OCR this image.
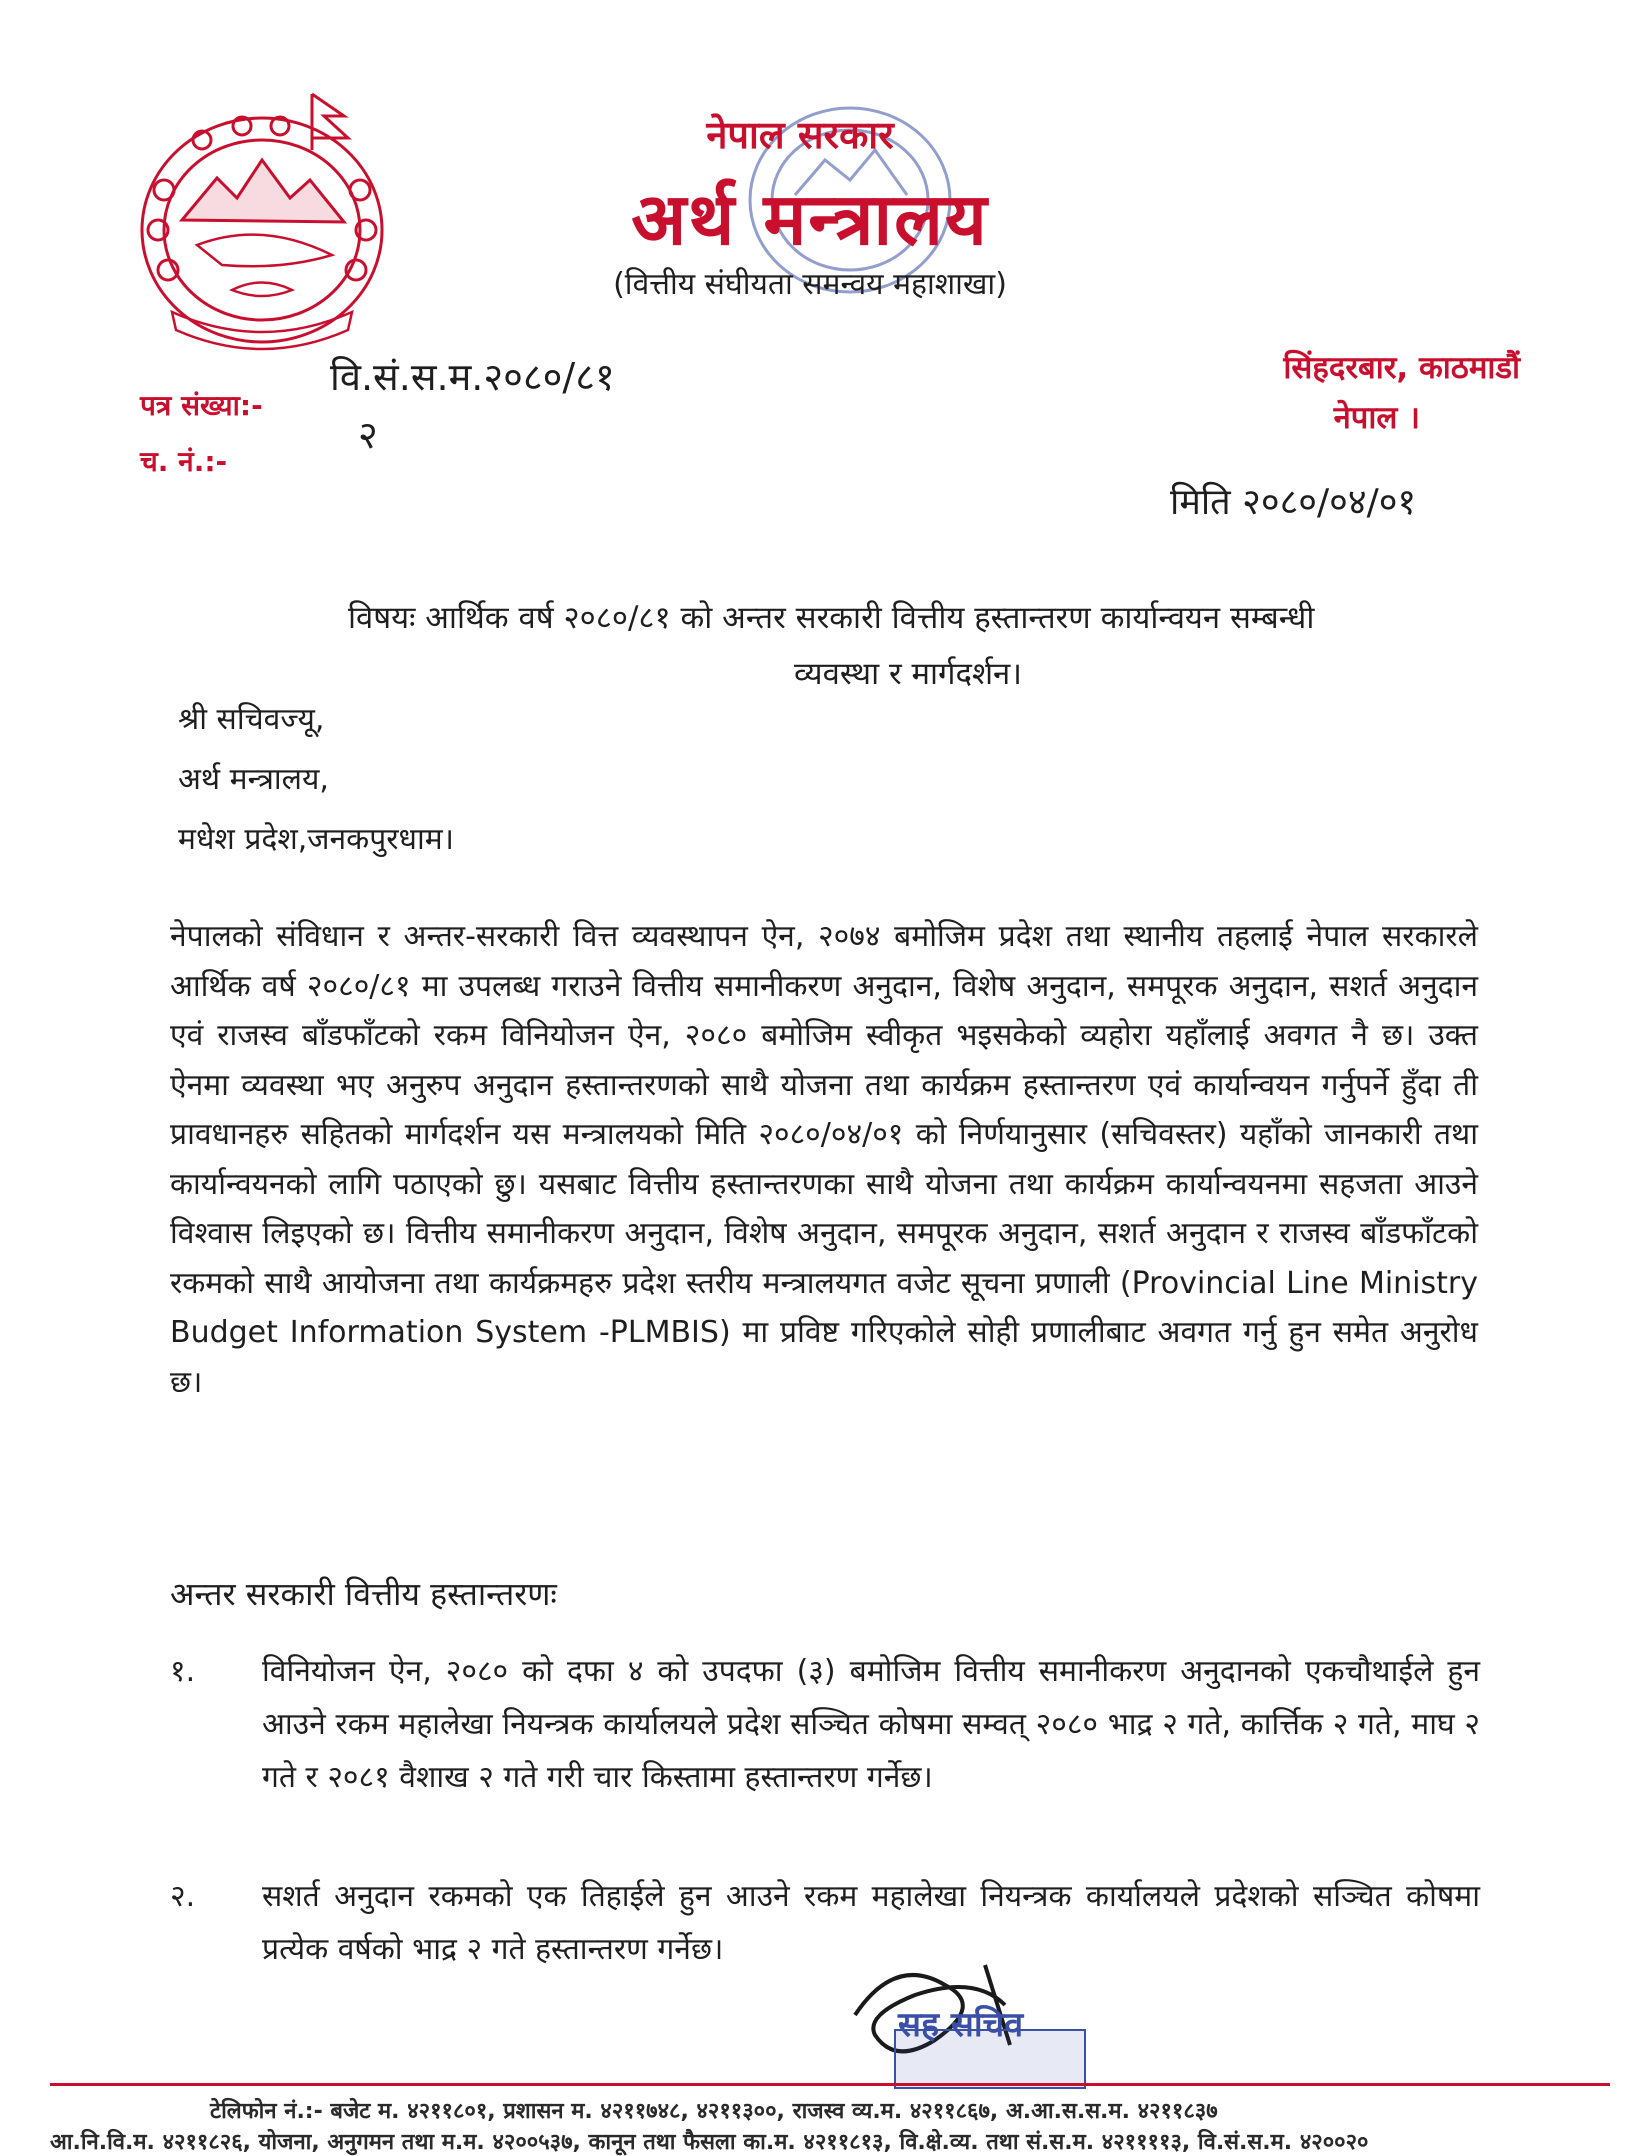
नेपाल सरकार
अर्थ मन्त्रालय
(वित्तीय संघीयता समन्वय महाशाखा)
पत्र संख्या:-
वि.सं.स.म.२०८०/८१
च. नं.:-
२
सिंहदरबार, काठमाडौं
नेपाल ।
मिति २०८०/०४/०१
विषयः आर्थिक वर्ष २०८०/८१ को अन्तर सरकारी वित्तीय हस्तान्तरण कार्यान्वयन सम्बन्धी
व्यवस्था र मार्गदर्शन।
श्री सचिवज्यू,
अर्थ मन्त्रालय,
मधेश प्रदेश,जनकपुरधाम।
नेपालको संविधान र अन्तर-सरकारी वित्त व्यवस्थापन ऐन, २०७४ बमोजिम प्रदेश तथा स्थानीय तहलाई नेपाल सरकारले आर्थिक वर्ष २०८०/८१ मा उपलब्ध गराउने वित्तीय समानीकरण अनुदान, विशेष अनुदान, समपूरक अनुदान, सशर्त अनुदान एवं राजस्व बाँडफाँटको रकम विनियोजन ऐन, २०८० बमोजिम स्वीकृत भइसकेको व्यहोरा यहाँलाई अवगत नै छ। उक्त ऐनमा व्यवस्था भए अनुरुप अनुदान हस्तान्तरणको साथै योजना तथा कार्यक्रम हस्तान्तरण एवं कार्यान्वयन गर्नुपर्ने हुँदा ती प्रावधानहरु सहितको मार्गदर्शन यस मन्त्रालयको मिति २०८०/०४/०१ को निर्णयानुसार (सचिवस्तर) यहाँको जानकारी तथा कार्यान्वयनको लागि पठाएको छु। यसबाट वित्तीय हस्तान्तरणका साथै योजना तथा कार्यक्रम कार्यान्वयनमा सहजता आउने विश्वास लिइएको छ। वित्तीय समानीकरण अनुदान, विशेष अनुदान, समपूरक अनुदान, सशर्त अनुदान र राजस्व बाँडफाँटको रकमको साथै आयोजना तथा कार्यक्रमहरु प्रदेश स्तरीय मन्त्रालयगत वजेट सूचना प्रणाली (Provincial Line Ministry Budget Information System -PLMBIS) मा प्रविष्ट गरिएकोले सोही प्रणालीबाट अवगत गर्नु हुन समेत अनुरोध छ।
अन्तर सरकारी वित्तीय हस्तान्तरणः
१.	विनियोजन ऐन, २०८० को दफा ४ को उपदफा (३) बमोजिम वित्तीय समानीकरण अनुदानको एकचौथाईले हुन आउने रकम महालेखा नियन्त्रक कार्यालयले प्रदेश सञ्चित कोषमा सम्वत् २०८० भाद्र २ गते, कार्त्तिक २ गते, माघ २ गते र २०८१ वैशाख २ गते गरी चार किस्तामा हस्तान्तरण गर्नेछ।
२.	सशर्त अनुदान रकमको एक तिहाईले हुन आउने रकम महालेखा नियन्त्रक कार्यालयले प्रदेशको सञ्चित कोषमा प्रत्येक वर्षको भाद्र २ गते हस्तान्तरण गर्नेछ।
सह सचिव
टेलिफोन नं.:- बजेट म. ४२११८०१, प्रशासन म. ४२११७४८, ४२११३००, राजस्व व्य.म. ४२११८६७, अ.आ.स.स.म. ४२११८३७
आ.नि.वि.म. ४२११८२६, योजना, अनुगमन तथा म.म. ४२००५३७, कानून तथा फैसला का.म. ४२११८१३, वि.क्षे.व्य. तथा सं.स.म. ४२११११३, वि.सं.स.म. ४२००२०
